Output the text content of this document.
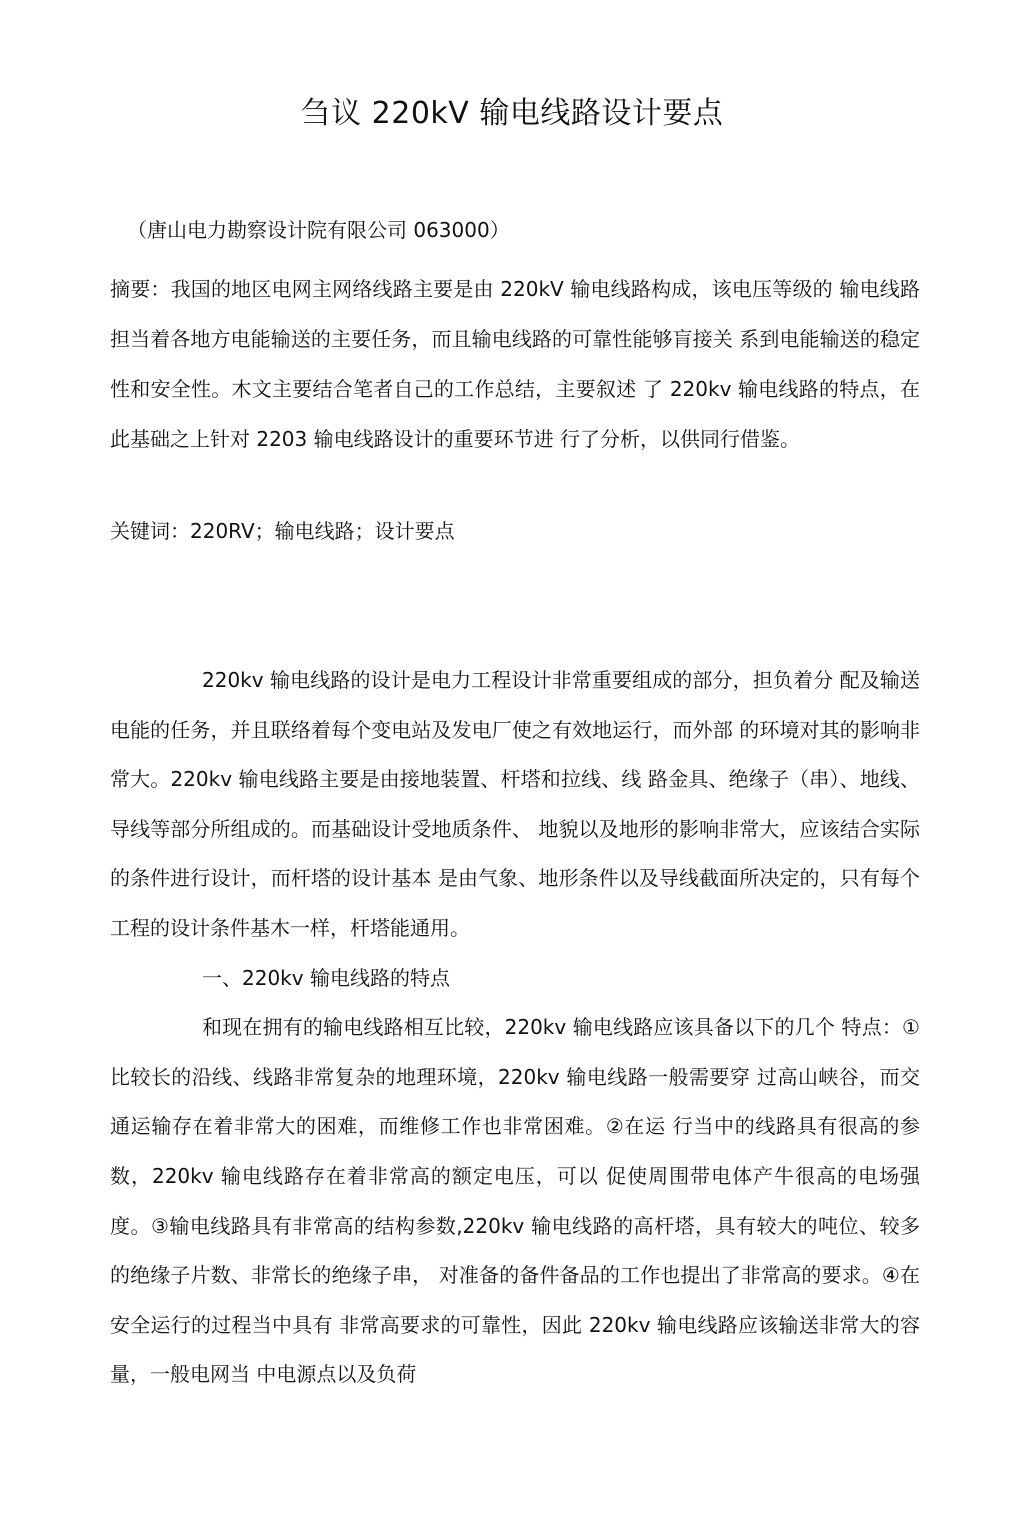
刍议 220kV 输电线路设计要点
（唐山电力勘察设计院有限公司 063000）

摘要：我国的地区电网主网络线路主要是由 220kV 输电线路构成，该电压等级的 输电线路担当着各地方电能输送的主要任务，而且输电线路的可靠性能够肓接关 系到电能输送的稳定性和安全性。木文主要结合笔者自己的工作总结，主要叙述 了 220kv 输电线路的特点，在此基础之上针对 2203 输电线路设计的重要环节进 行了分析，以供同行借鉴。

关键词：220RV；输电线路；设计要点

220kv 输电线路的设计是电力工程设计非常重要组成的部分，担负着分 配及输送电能的任务，并且联络着每个变电站及发电厂使之有效地运行，而外部 的环境对其的影响非常大。220kv 输电线路主要是由接地装置、杆塔和拉线、线 路金具、绝缘子（串）、地线、导线等部分所组成的。而基础设计受地质条件、 地貌以及地形的影响非常大，应该结合实际的条件进行设计，而杆塔的设计基本 是由气象、地形条件以及导线截面所决定的，只有每个工程的设计条件基木一样，杆塔能通用。

一、220kv 输电线路的特点

和现在拥有的输电线路相互比较，220kv 输电线路应该具备以下的几个 特点：①比较长的沿线、线路非常复杂的地理环境，220kv 输电线路一般需要穿 过高山峡谷，而交通运输存在着非常大的困难，而维修工作也非常困难。②在运 行当中的线路具有很高的参数，220kv 输电线路存在着非常高的额定电压，可以 促使周围带电体产牛很高的电场强度。③输电线路具有非常高的结构参数,220kv 输电线路的高杆塔，具有较大的吨位、较多的绝缘子片数、非常长的绝缘子串， 对准备的备件备品的工作也提出了非常高的要求。④在安全运行的过程当中具有 非常高要求的可靠性，因此 220kv 输电线路应该输送非常大的容量，一般电网当 中电源点以及负荷
